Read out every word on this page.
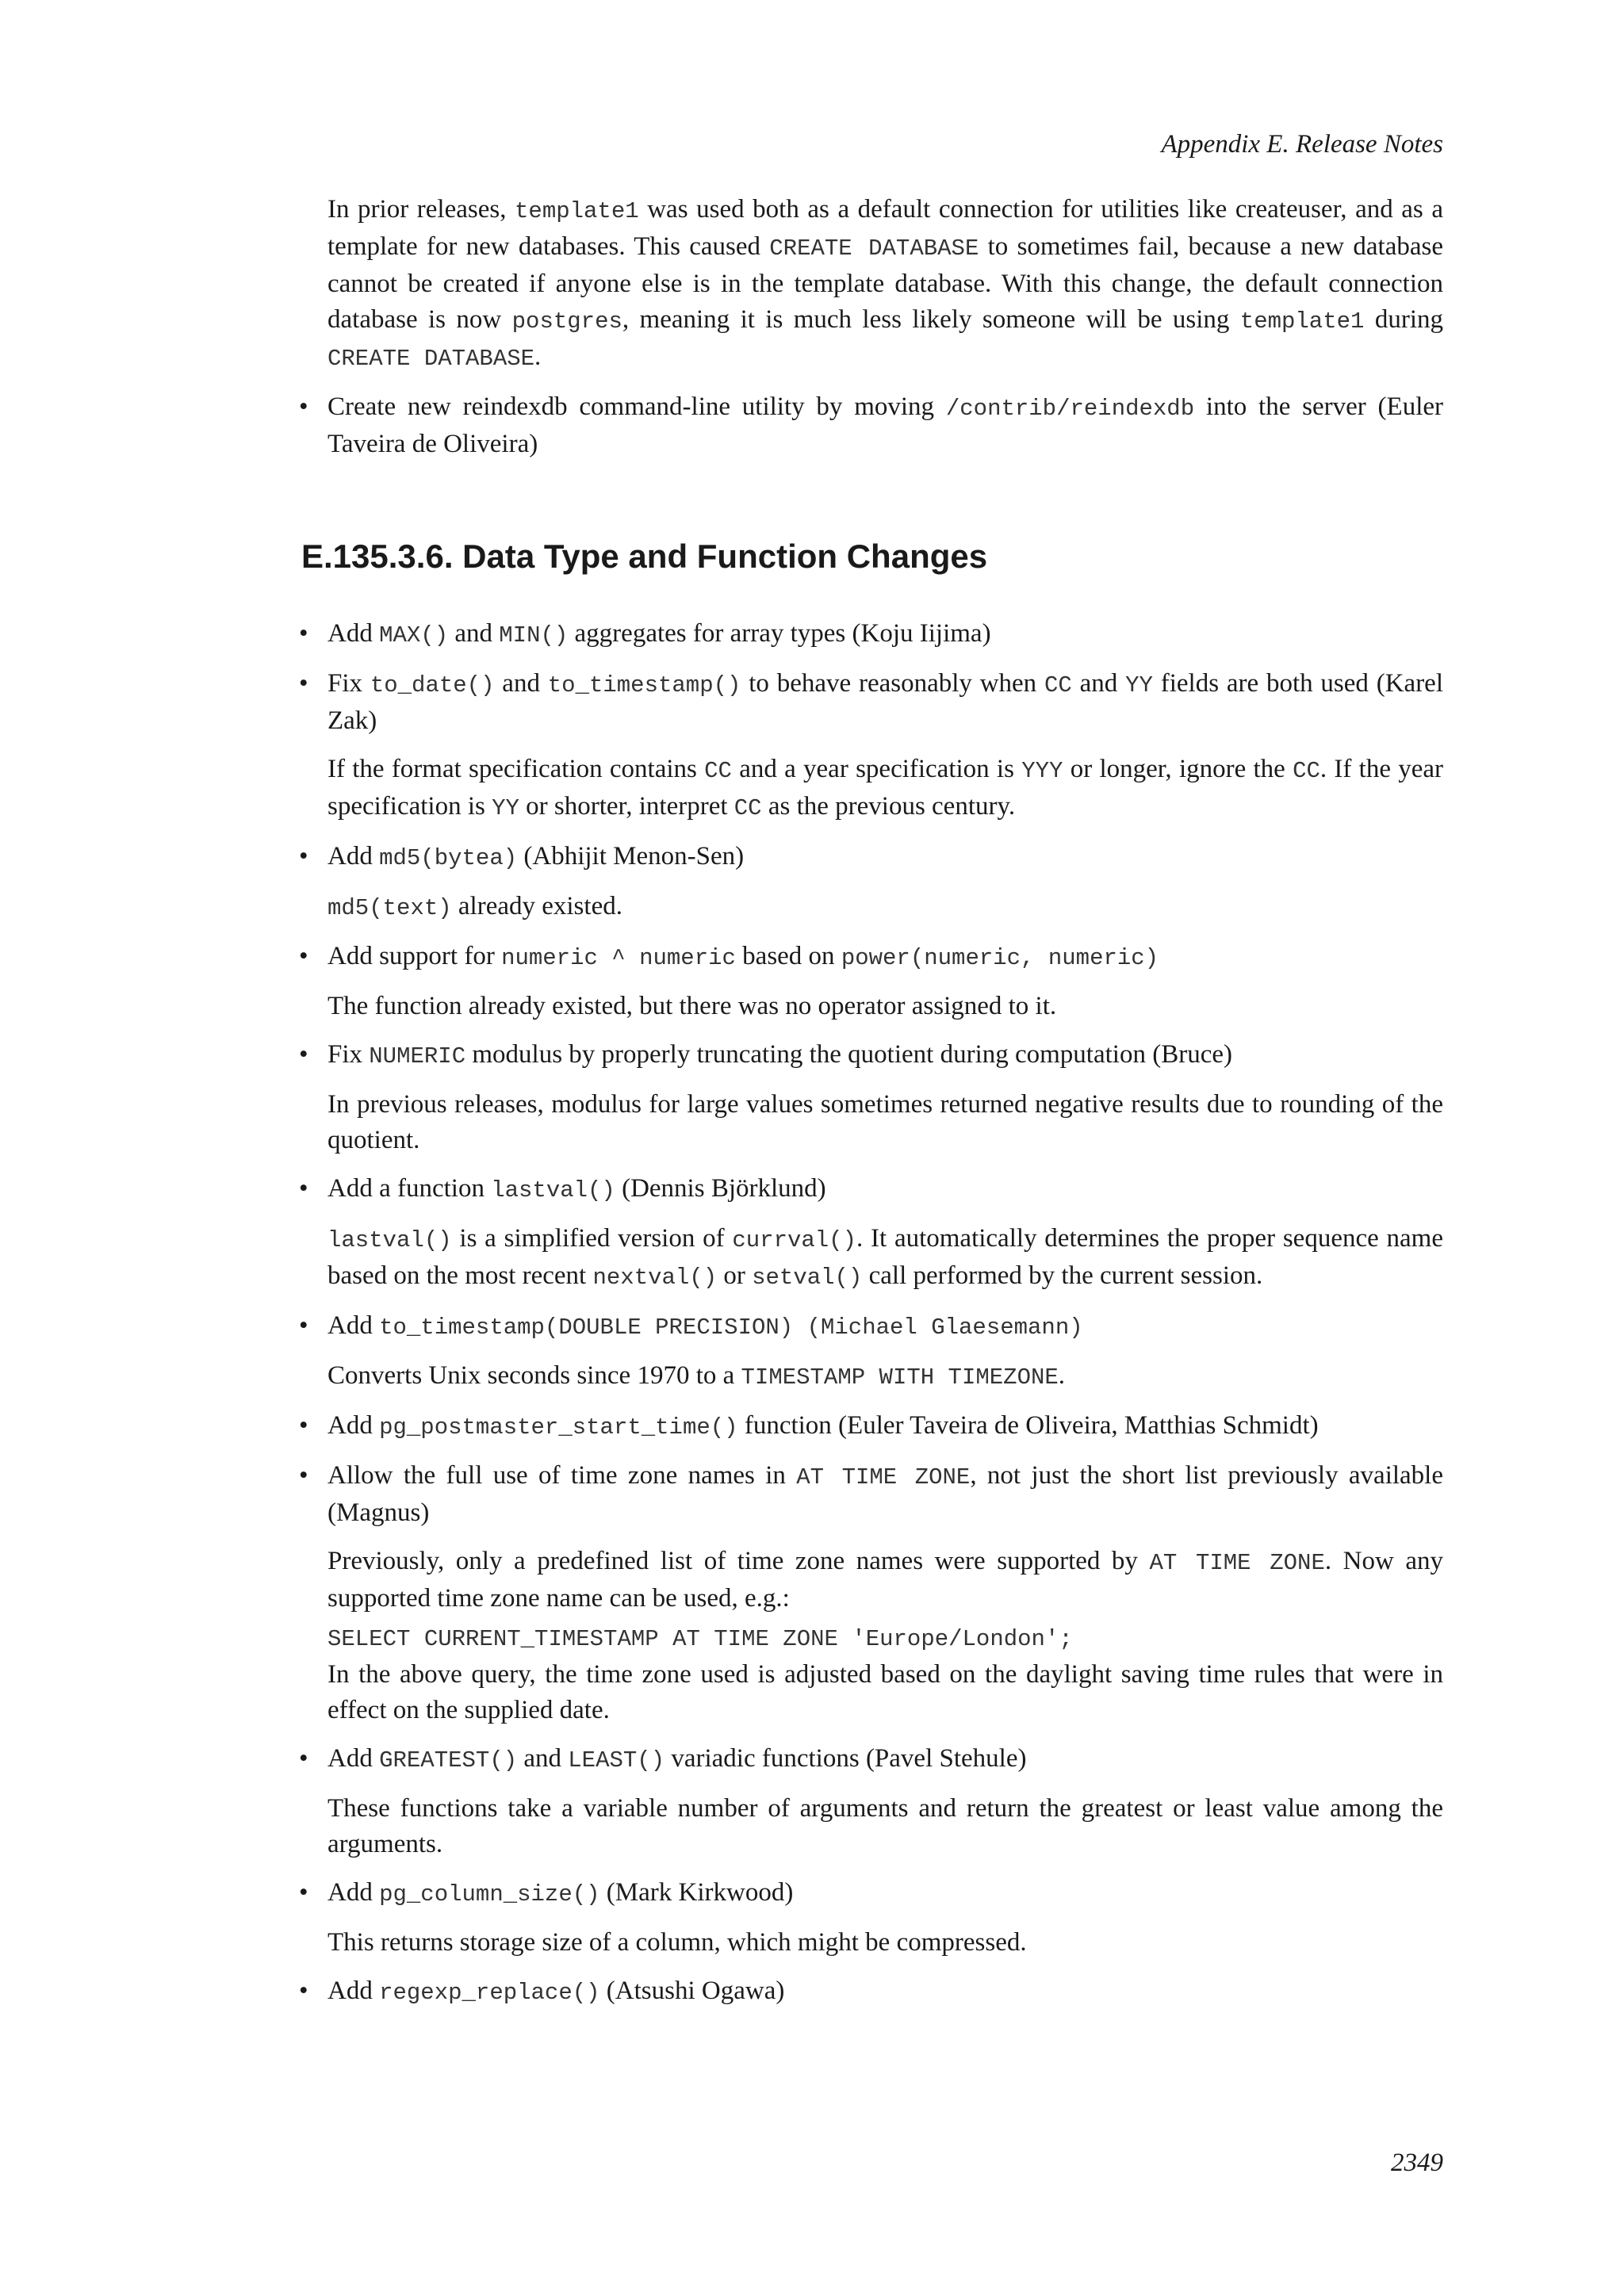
Appendix E. Release Notes

In prior releases, template1 was used both as a default connection for utilities like createuser, and as a template for new databases. This caused CREATE DATABASE to sometimes fail, because a new database cannot be created if anyone else is in the template database. With this change, the default connection database is now postgres, meaning it is much less likely someone will be using template1 during CREATE DATABASE.

• Create new reindexdb command-line utility by moving /contrib/reindexdb into the server (Euler Taveira de Oliveira)
E.135.3.6. Data Type and Function Changes
• Add MAX() and MIN() aggregates for array types (Koju Iijima)
• Fix to_date() and to_timestamp() to behave reasonably when CC and YY fields are both used (Karel Zak)
If the format specification contains CC and a year specification is YYY or longer, ignore the CC. If the year specification is YY or shorter, interpret CC as the previous century.
• Add md5(bytea) (Abhijit Menon-Sen)
md5(text) already existed.
• Add support for numeric ^ numeric based on power(numeric, numeric)
The function already existed, but there was no operator assigned to it.
• Fix NUMERIC modulus by properly truncating the quotient during computation (Bruce)
In previous releases, modulus for large values sometimes returned negative results due to rounding of the quotient.
• Add a function lastval() (Dennis Björklund)
lastval() is a simplified version of currval(). It automatically determines the proper sequence name based on the most recent nextval() or setval() call performed by the current session.
• Add to_timestamp(DOUBLE PRECISION) (Michael Glaesemann)
Converts Unix seconds since 1970 to a TIMESTAMP WITH TIMEZONE.
• Add pg_postmaster_start_time() function (Euler Taveira de Oliveira, Matthias Schmidt)
• Allow the full use of time zone names in AT TIME ZONE, not just the short list previously available (Magnus)
Previously, only a predefined list of time zone names were supported by AT TIME ZONE. Now any supported time zone name can be used, e.g.:
SELECT CURRENT_TIMESTAMP AT TIME ZONE 'Europe/London';
In the above query, the time zone used is adjusted based on the daylight saving time rules that were in effect on the supplied date.
• Add GREATEST() and LEAST() variadic functions (Pavel Stehule)
These functions take a variable number of arguments and return the greatest or least value among the arguments.
• Add pg_column_size() (Mark Kirkwood)
This returns storage size of a column, which might be compressed.
• Add regexp_replace() (Atsushi Ogawa)
2349
